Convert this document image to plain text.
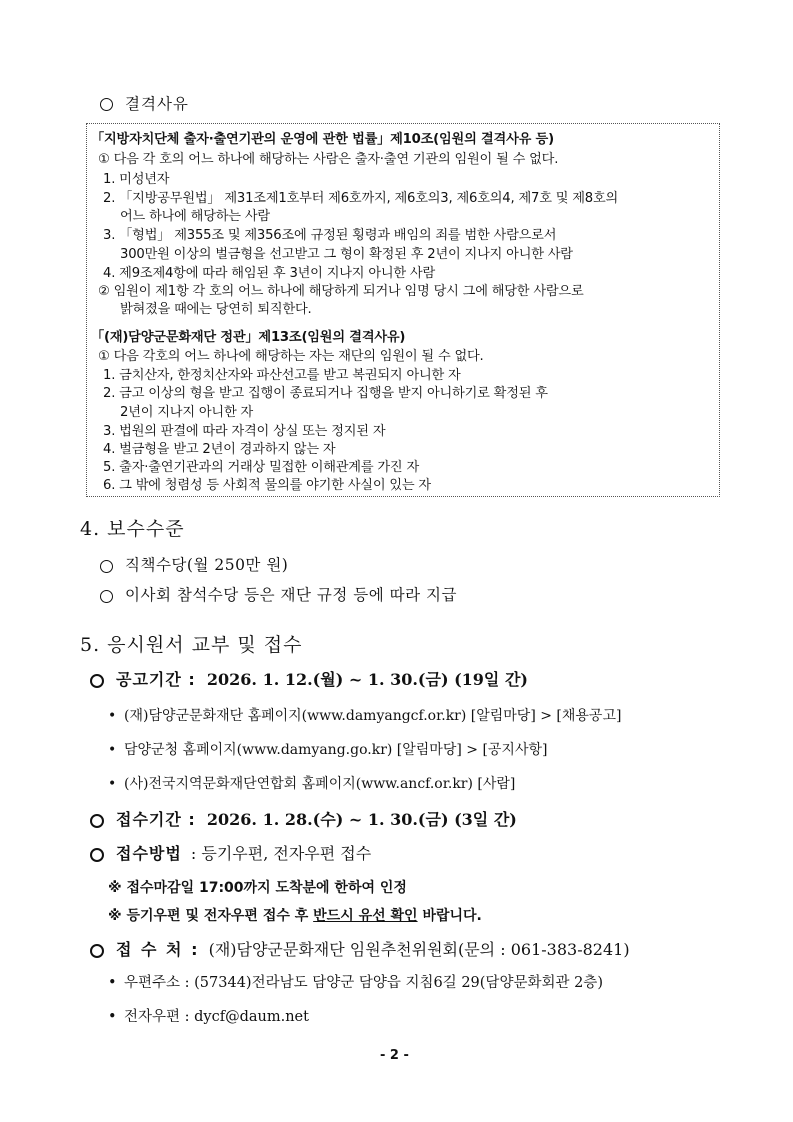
결격사유
「지방자치단체 출자·출연기관의 운영에 관한 법률」제10조(임원의 결격사유 등)
① 다음 각 호의 어느 하나에 해당하는 사람은 출자·출연 기관의 임원이 될 수 없다.
1. 미성년자
2. 「지방공무원법」 제31조제1호부터 제6호까지, 제6호의3, 제6호의4, 제7호 및 제8호의
어느 하나에 해당하는 사람
3. 「형법」 제355조 및 제356조에 규정된 횡령과 배임의 죄를 범한 사람으로서
300만원 이상의 벌금형을 선고받고 그 형이 확정된 후 2년이 지나지 아니한 사람
4. 제9조제4항에 따라 해임된 후 3년이 지나지 아니한 사람
② 임원이 제1항 각 호의 어느 하나에 해당하게 되거나 임명 당시 그에 해당한 사람으로
밝혀졌을 때에는 당연히 퇴직한다.
「(재)담양군문화재단 정관」제13조(임원의 결격사유)
① 다음 각호의 어느 하나에 해당하는 자는 재단의 임원이 될 수 없다.
1. 금치산자, 한정치산자와 파산선고를 받고 복권되지 아니한 자
2. 금고 이상의 형을 받고 집행이 종료되거나 집행을 받지 아니하기로 확정된 후
2년이 지나지 아니한 자
3. 법원의 판결에 따라 자격이 상실 또는 정지된 자
4. 벌금형을 받고 2년이 경과하지 않는 자
5. 출자·출연기관과의 거래상 밀접한 이해관계를 가진 자
6. 그 밖에 청렴성 등 사회적 물의를 야기한 사실이 있는 자
4. 보수수준
직책수당(월 250만 원)
이사회 참석수당 등은 재단 규정 등에 따라 지급
5. 응시원서 교부 및 접수
공고기간 : 2026. 1. 12.(월) ~ 1. 30.(금) (19일 간)
• (재)담양군문화재단 홈페이지(www.damyangcf.or.kr) [알림마당] > [채용공고]
• 담양군청 홈페이지(www.damyang.go.kr) [알림마당] > [공지사항]
• (사)전국지역문화재단연합회 홈페이지(www.ancf.or.kr) [사람]
접수기간 : 2026. 1. 28.(수) ~ 1. 30.(금) (3일 간)
접수방법 : 등기우편, 전자우편 접수
※ 접수마감일 17:00까지 도착분에 한하여 인정
※ 등기우편 및 전자우편 접수 후 반드시 유선 확인 바랍니다.
접 수 처 : (재)담양군문화재단 임원추천위원회(문의 : 061-383-8241)
• 우편주소 : (57344)전라남도 담양군 담양읍 지침6길 29(담양문화회관 2층)
• 전자우편 : dycf@daum.net
- 2 -
